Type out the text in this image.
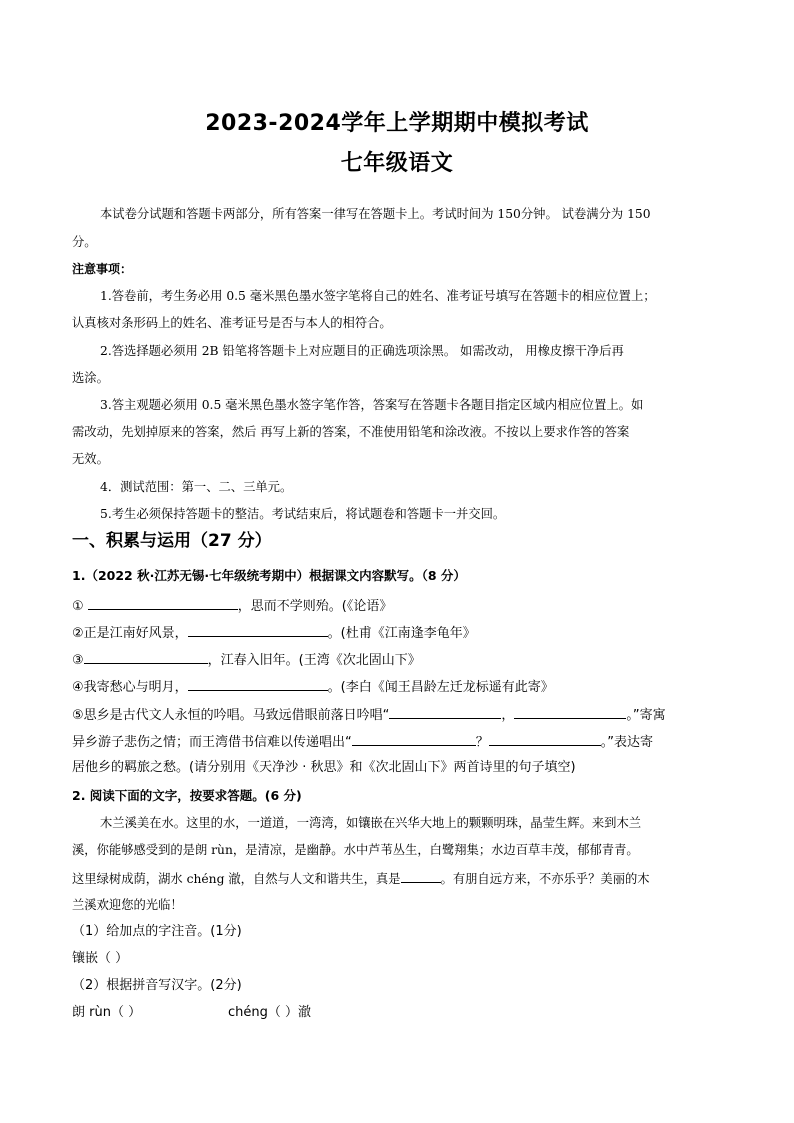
2023-2024学年上学期期中模拟考试
七年级语文
本试卷分试题和答题卡两部分，所有答案一律写在答题卡上。考试时间为 150分钟。 试卷满分为 150
分。
注意事项：
1.答卷前，考生务必用 0.5 毫米黑色墨水签字笔将自己的姓名、准考证号填写在答题卡的相应位置上；
认真核对条形码上的姓名、准考证号是否与本人的相符合。
2.答选择题必须用 2B 铅笔将答题卡上对应题目的正确选项涂黑。 如需改动， 用橡皮擦干净后再
选涂。
3.答主观题必须用 0.5 毫米黑色墨水签字笔作答，答案写在答题卡各题目指定区域内相应位置上。如
需改动，先划掉原来的答案，然后 再写上新的答案，不准使用铅笔和涂改液。不按以上要求作答的答案
无效。
4．测试范围：第一、二、三单元。
5.考生必须保持答题卡的整洁。考试结束后，将试题卷和答题卡一并交回。
一、积累与运用（27 分）
1.（2022 秋·江苏无锡·七年级统考期中）根据课文内容默写。（8 分）
①	，思而不学则殆。(《论语》
②正是江南好风景，	。(杜甫《江南逢李龟年》
③	，江春入旧年。(王湾《次北固山下》
④我寄愁心与明月，	。(李白《闻王昌龄左迁龙标遥有此寄》
⑤思乡是古代文人永恒的吟唱。马致远借眼前落日吟唱“	，	。”寄寓
异乡游子悲伤之情；而王湾借书信难以传递唱出“	？	。”表达寄
居他乡的羁旅之愁。(请分别用《天净沙 · 秋思》和《次北固山下》两首诗里的句子填空)
2. 阅读下面的文字，按要求答题。(6 分)
木兰溪美在水。这里的水，一道道，一湾湾，如镶嵌在兴华大地上的颗颗明珠，晶莹生辉。来到木兰
溪，你能够感受到的是朗 rùn，是清凉，是幽静。水中芦苇丛生，白鹭翔集；水边百草丰茂，郁郁青青。
这里绿树成荫，湖水 chéng 澈，自然与人文和谐共生，真是	。有朋自远方来，不亦乐乎？美丽的木
兰溪欢迎您的光临！
（1）给加点的字注音。(1分)
镶嵌（ ）
（2）根据拼音写汉字。(2分)
朗 rùn（ ）	chéng（ ）澈
